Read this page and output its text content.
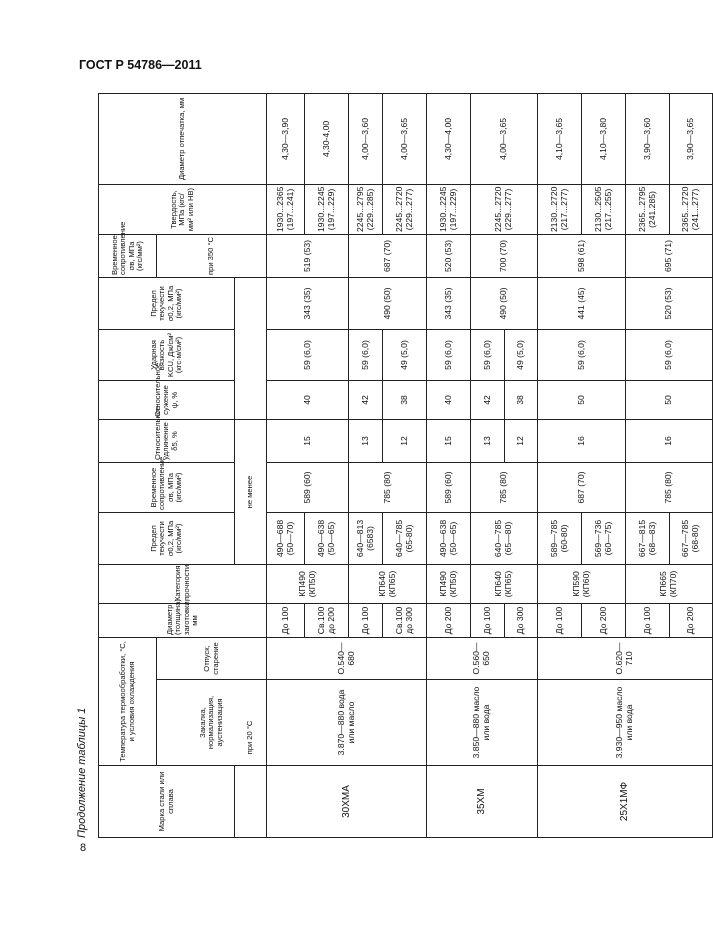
ГОСТ Р 54786—2011
Продолжение таблицы 1	Марка стали или сплава	Температура термообработки, °С, и условия охлаждения		Диаметр (толщина) заготовки, мм	Категория прочности	Предел текучести σ0,2, МПа (кгс/мм²)	Временное сопротивление σв, МПа (кгс/мм²)	Относительное удлинение δ5, %	Относительное сужение ψ, %	Ударная вязкость KCU, Дж/см² (кгс·м/см²)	Предел текучести σ0,2, МПа (кгс/мм²)	Временное сопротивление σв, МПа (кгс/мм²)	Твердость, МПа (кгс/мм² или НВ)	Диаметр отпечатка, мм
	Закалка, нормализация, аустенизация	Отпуск, старение									при 350 °С		
при 20 °С					не менее								
30ХМА	3.870—880 вода или масло	О.540—680	До 100	КП490 (КП50)	490—688 (50—70)	589 (60)	15	40	59 (6,0)	343 (35)	519 (53)	1930...2365 (197...241)	4,30—3,90
			Св.100 до 200		490—638 (50—65)							1930...2245 (197...229)	4,30-4,00
			До 100	КП640 (КП65)	640—813 (6583)	785 (80)	13	42	59 (6,0)	490 (50)	687 (70)	2245...2795 (229...285)	4,00—3,60
			Св.100 до 300		640—785 (65-80)		12	38	49 (5,0)			2245...2720 (229...277)	4,00—3,65
35ХМ	3.850—880 масло или вода	О.560—650	До 200	КП490 (КП50)	490—638 (50—65)	589 (60)	15	40	59 (6,0)	343 (35)	520 (53)	1930...2245 (197...229)	4,30—4,00
			До 100	КП640 (КП65)	640—785 (65—80)	785 (80)	13	42	59 (6,0)	490 (50)	700 (70)	2245...2720 (229...277)	4,00—3,65
			До 300				12	38	49 (5,0)				
25Х1МФ	3.930—950 масло или вода	О.620—710	До 100	КП590 (КП60)	589—785 (60-80)	687 (70)	16	50	59 (6,0)	441 (45)	598 (61)	2130...2720 (217...277)	4,10—3,65
			До 200		569—736 (60—75)							2130...2505 (217...255)	4,10—3,80
			До 100	КП665 (КП70)	667—815 (68—83)	785 (80)	16	50	59 (6,0)	520 (53)	695 (71)	2365...2795 (241.285)	3,90—3,60
			До 200		667—785 (68-80)							2365...2720 (241...277)	3,90—3,65
8
